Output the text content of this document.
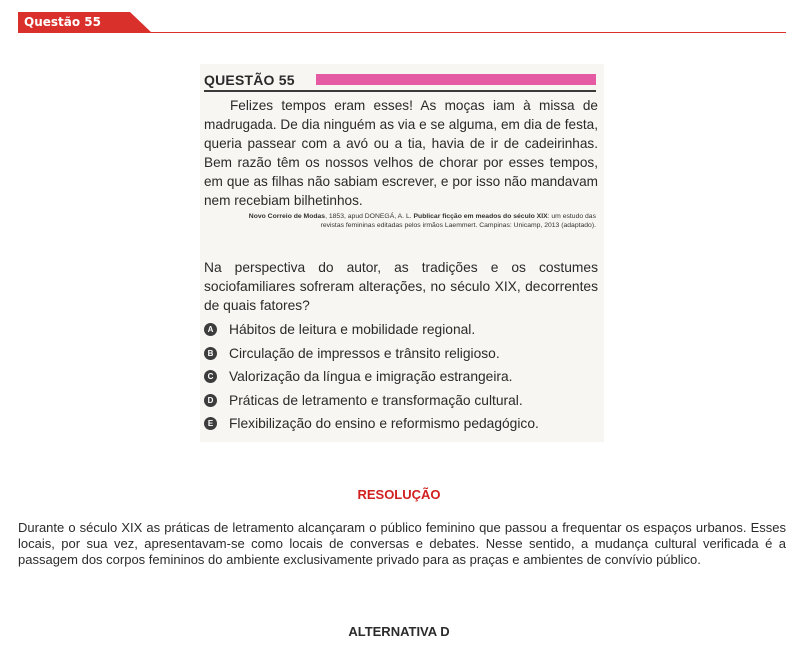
Questão 55
QUESTÃO 55
Felizes tempos eram esses! As moças iam à missa de madrugada. De dia ninguém as via e se alguma, em dia de festa, queria passear com a avó ou a tia, havia de ir de cadeirinhas. Bem razão têm os nossos velhos de chorar por esses tempos, em que as filhas não sabiam escrever, e por isso não mandavam nem recebiam bilhetinhos.
Novo Correio de Modas, 1853, apud DONEGÁ, A. L. Publicar ficção em meados do século XIX: um estudo das revistas femininas editadas pelos irmãos Laemmert. Campinas: Unicamp, 2013 (adaptado).
Na perspectiva do autor, as tradições e os costumes sociofamiliares sofreram alterações, no século XIX, decorrentes de quais fatores?
A Hábitos de leitura e mobilidade regional.
B Circulação de impressos e trânsito religioso.
C Valorização da língua e imigração estrangeira.
D Práticas de letramento e transformação cultural.
E Flexibilização do ensino e reformismo pedagógico.
RESOLUÇÃO
Durante o século XIX as práticas de letramento alcançaram o público feminino que passou a frequentar os espaços urbanos. Esses locais, por sua vez, apresentavam-se como locais de conversas e debates. Nesse sentido, a mudança cultural verificada é a passagem dos corpos femininos do ambiente exclusivamente privado para as praças e ambientes de convívio público.
ALTERNATIVA D
